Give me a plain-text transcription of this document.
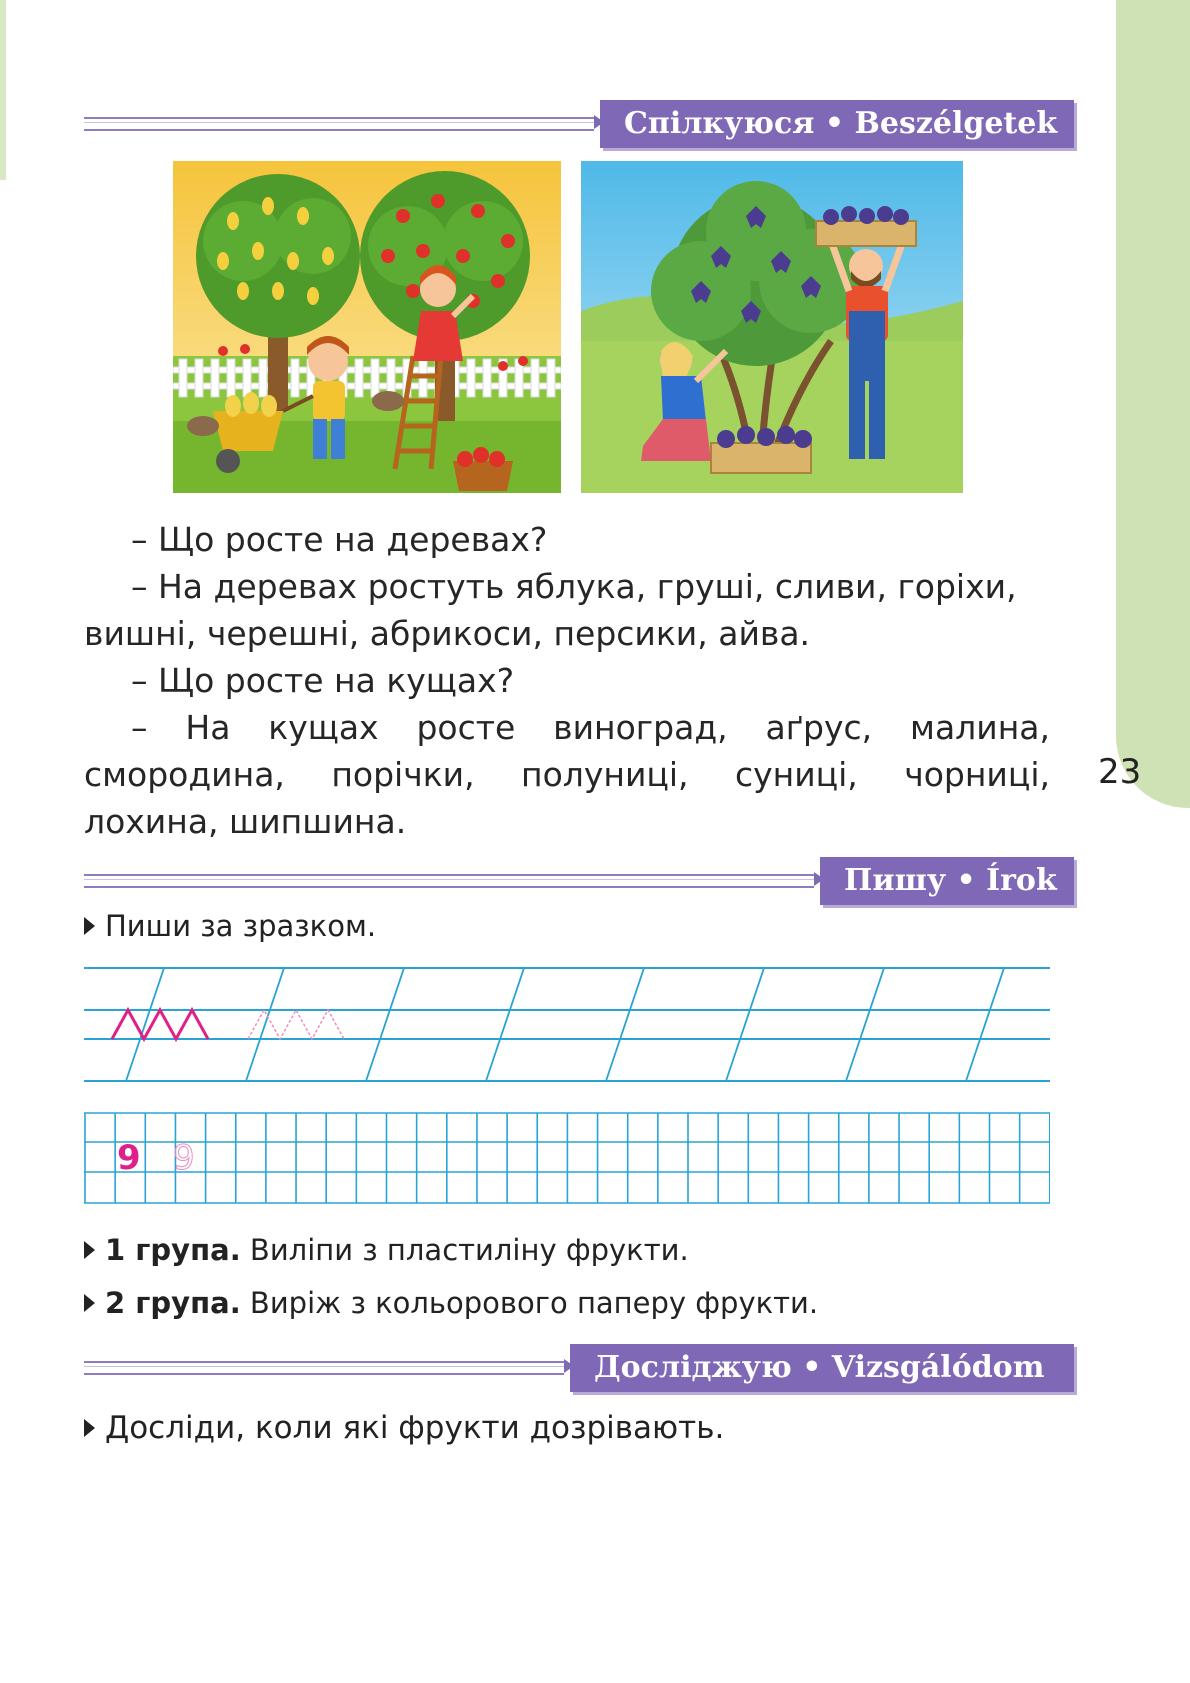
23
Спілкуюся • Beszélgetek
– Що росте на деревах?
– На деревах ростуть яблука, груші, сливи, горіхи,
вишні, черешні, абрикоси, персики, айва.
– Що росте на кущах?
– На кущах росте виноград, аґрус, малина,
смородина, порічки, полуниці, суниці, чорниці,
лохина, шипшина.
Пишу • Írok
Пиши за зразком.
9 9
1 група. Виліпи з пластиліну фрукти.
2 група. Виріж з кольорового паперу фрукти.
Досліджую • Vizsgálódom
Досліди, коли які фрукти дозрівають.
